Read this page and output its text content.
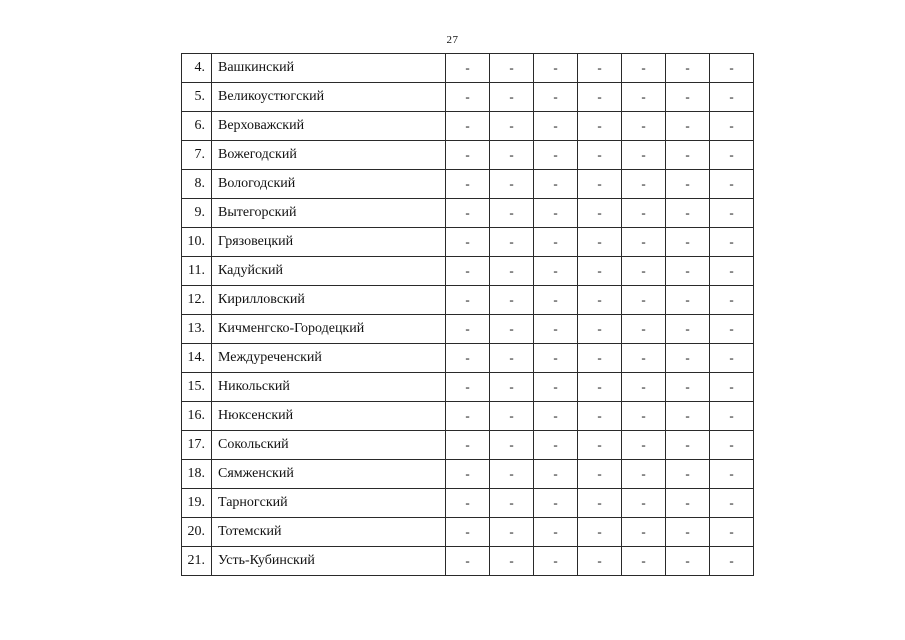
27
4.	Вашкинский	-	-	-	-	-	-	-
5.	Великоустюгский	-	-	-	-	-	-	-
6.	Верховажский	-	-	-	-	-	-	-
7.	Вожегодский	-	-	-	-	-	-	-
8.	Вологодский	-	-	-	-	-	-	-
9.	Вытегорский	-	-	-	-	-	-	-
10.	Грязовецкий	-	-	-	-	-	-	-
11.	Кадуйский	-	-	-	-	-	-	-
12.	Кирилловский	-	-	-	-	-	-	-
13.	Кичменгско-Городецкий	-	-	-	-	-	-	-
14.	Междуреченский	-	-	-	-	-	-	-
15.	Никольский	-	-	-	-	-	-	-
16.	Нюксенский	-	-	-	-	-	-	-
17.	Сокольский	-	-	-	-	-	-	-
18.	Сямженский	-	-	-	-	-	-	-
19.	Тарногский	-	-	-	-	-	-	-
20.	Тотемский	-	-	-	-	-	-	-
21.	Усть-Кубинский	-	-	-	-	-	-	-
